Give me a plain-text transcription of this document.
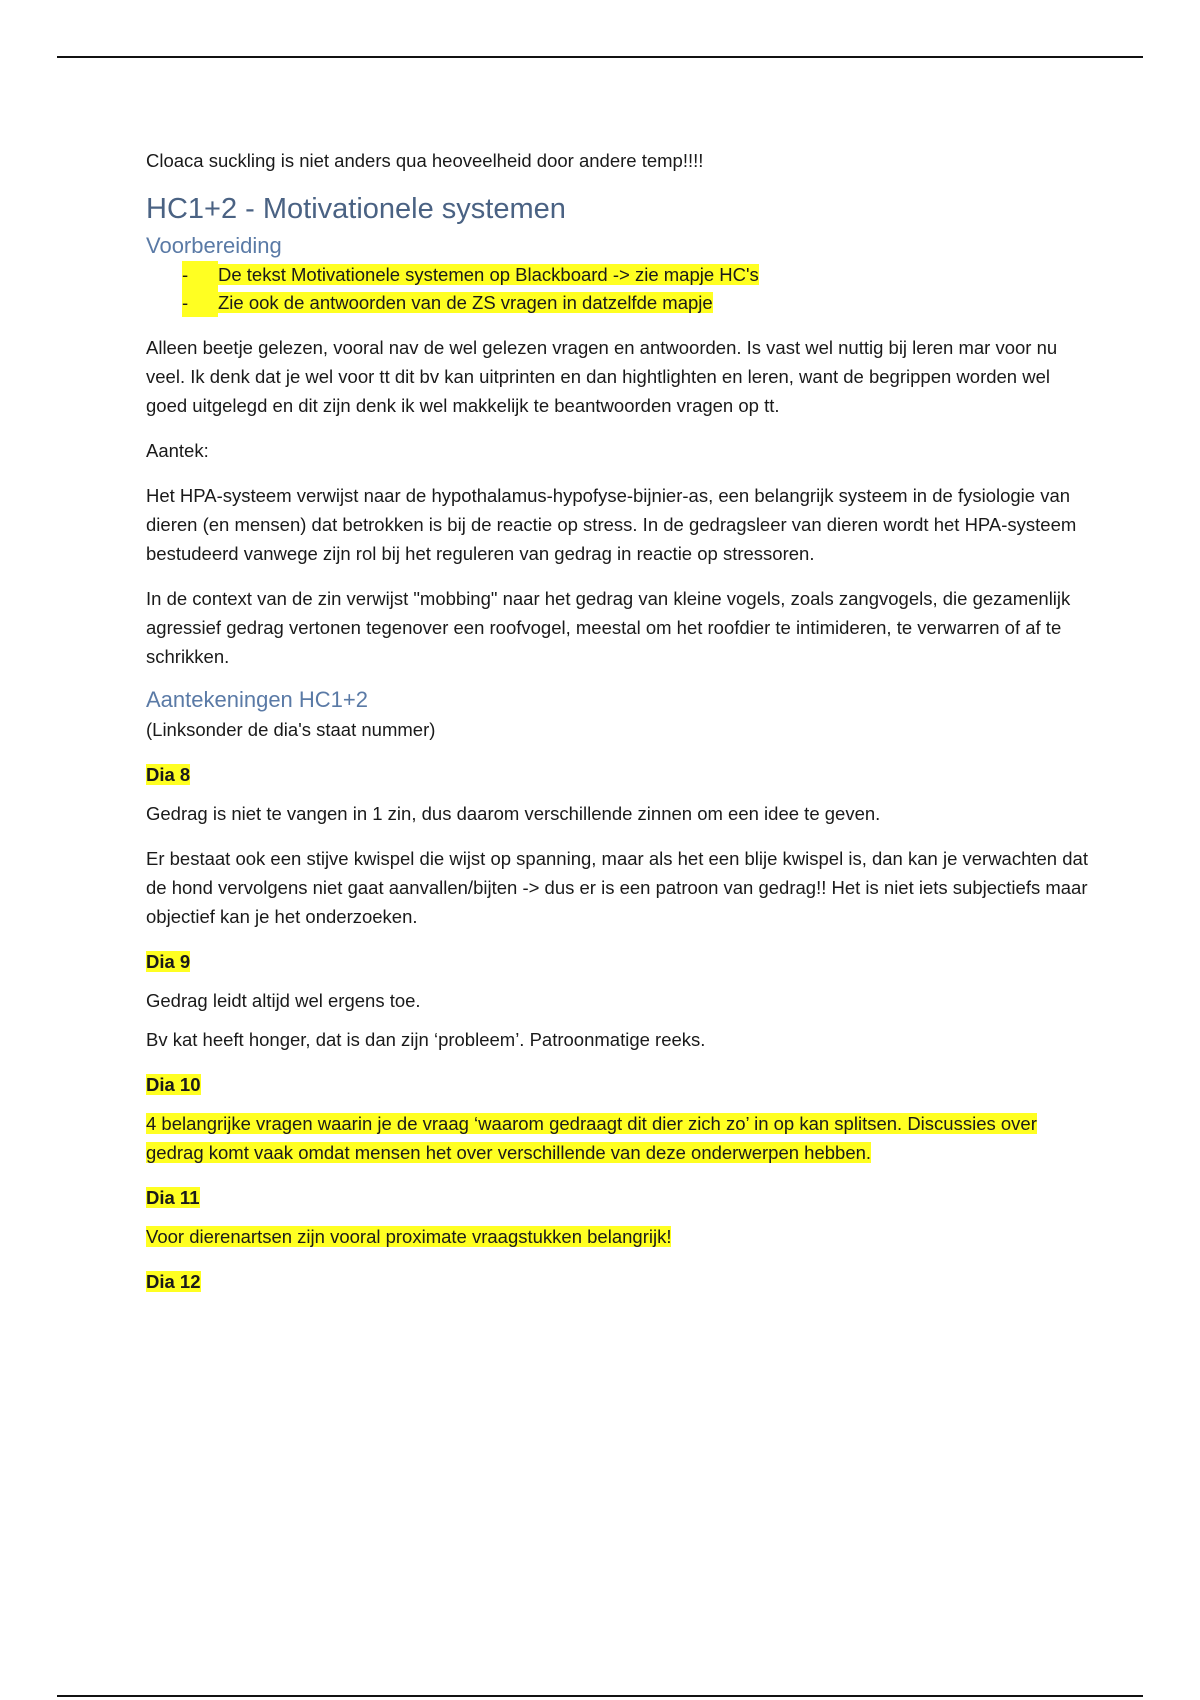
Cloaca suckling is niet anders qua heoveelheid door andere temp!!!!

HC1+2 - Motivationele systemen
Voorbereiding
-	De tekst Motivationele systemen op Blackboard -> zie mapje HC's
-	Zie ook de antwoorden van de ZS vragen in datzelfde mapje

Alleen beetje gelezen, vooral nav de wel gelezen vragen en antwoorden. Is vast wel nuttig bij leren mar voor nu veel. Ik denk dat je wel voor tt dit bv kan uitprinten en dan hightlighten en leren, want de begrippen worden wel goed uitgelegd en dit zijn denk ik wel makkelijk te beantwoorden vragen op tt.

Aantek:

Het HPA-systeem verwijst naar de hypothalamus-hypofyse-bijnier-as, een belangrijk systeem in de fysiologie van dieren (en mensen) dat betrokken is bij de reactie op stress. In de gedragsleer van dieren wordt het HPA-systeem bestudeerd vanwege zijn rol bij het reguleren van gedrag in reactie op stressoren.

In de context van de zin verwijst "mobbing" naar het gedrag van kleine vogels, zoals zangvogels, die gezamenlijk agressief gedrag vertonen tegenover een roofvogel, meestal om het roofdier te intimideren, te verwarren of af te schrikken.

Aantekeningen HC1+2

(Linksonder de dia's staat nummer)

Dia 8

Gedrag is niet te vangen in 1 zin, dus daarom verschillende zinnen om een idee te geven.

Er bestaat ook een stijve kwispel die wijst op spanning, maar als het een blije kwispel is, dan kan je verwachten dat de hond vervolgens niet gaat aanvallen/bijten -> dus er is een patroon van gedrag!! Het is niet iets subjectiefs maar objectief kan je het onderzoeken.

Dia 9

Gedrag leidt altijd wel ergens toe.

Bv kat heeft honger, dat is dan zijn ‘probleem’. Patroonmatige reeks.

Dia 10

4 belangrijke vragen waarin je de vraag ‘waarom gedraagt dit dier zich zo’ in op kan splitsen. Discussies over gedrag komt vaak omdat mensen het over verschillende van deze onderwerpen hebben.

Dia 11

Voor dierenartsen zijn vooral proximate vraagstukken belangrijk!

Dia 12
